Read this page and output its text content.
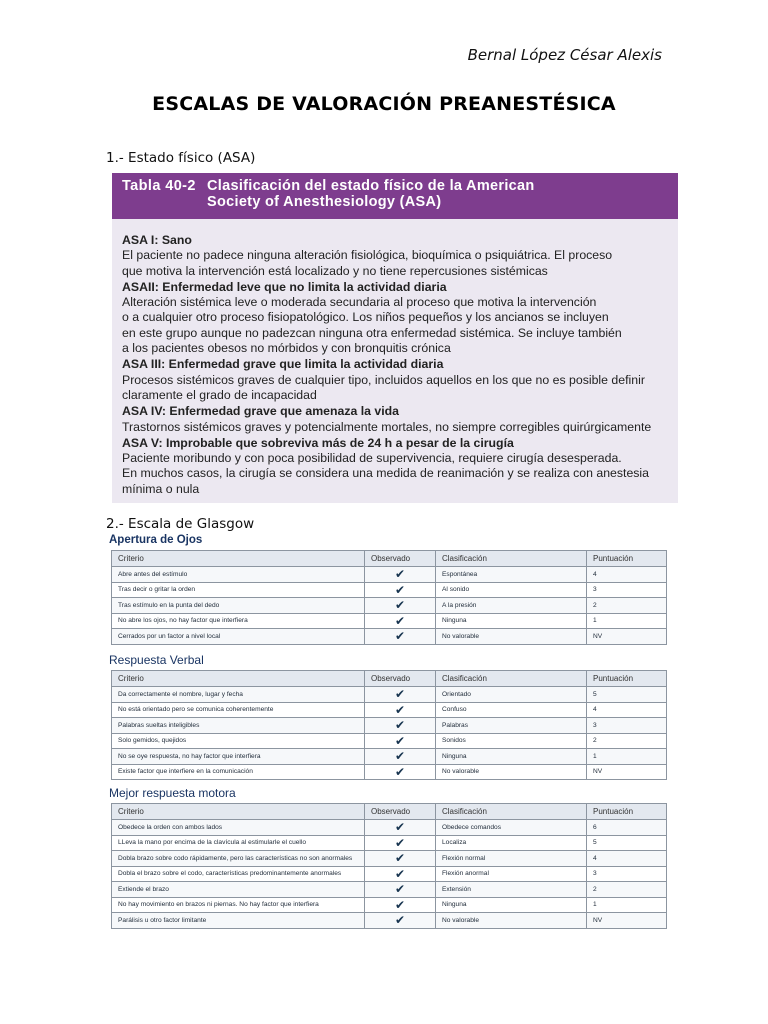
Bernal López César Alexis
ESCALAS DE VALORACIÓN PREANESTÉSICA
1.- Estado físico (ASA)
Tabla 40-2 Clasificación del estado físico de la American Society of Anesthesiology (ASA)
ASA I: Sano
El paciente no padece ninguna alteración fisiológica, bioquímica o psiquiátrica. El proceso
que motiva la intervención está localizado y no tiene repercusiones sistémicas
ASAII: Enfermedad leve que no limita la actividad diaria
Alteración sistémica leve o moderada secundaria al proceso que motiva la intervención
o a cualquier otro proceso fisiopatológico. Los niños pequeños y los ancianos se incluyen
en este grupo aunque no padezcan ninguna otra enfermedad sistémica. Se incluye también
a los pacientes obesos no mórbidos y con bronquitis crónica
ASA III: Enfermedad grave que limita la actividad diaria
Procesos sistémicos graves de cualquier tipo, incluidos aquellos en los que no es posible definir
claramente el grado de incapacidad
ASA IV: Enfermedad grave que amenaza la vida
Trastornos sistémicos graves y potencialmente mortales, no siempre corregibles quirúrgicamente
ASA V: Improbable que sobreviva más de 24 h a pesar de la cirugía
Paciente moribundo y con poca posibilidad de supervivencia, requiere cirugía desesperada.
En muchos casos, la cirugía se considera una medida de reanimación y se realiza con anestesia
mínima o nula
2.- Escala de Glasgow
Apertura de Ojos
Criterio	Observado	Clasificación	Puntuación
Abre antes del estímulo	✔	Espontánea	4
Tras decir o gritar la orden	✔	Al sonido	3
Tras estímulo en la punta del dedo	✔	A la presión	2
No abre los ojos, no hay factor que interfiera	✔	Ninguna	1
Cerrados por un factor a nivel local	✔	No valorable	NV
Respuesta Verbal
Criterio	Observado	Clasificación	Puntuación
Da correctamente el nombre, lugar y fecha	✔	Orientado	5
No está orientado pero se comunica coherentemente	✔	Confuso	4
Palabras sueltas inteligibles	✔	Palabras	3
Solo gemidos, quejidos	✔	Sonidos	2
No se oye respuesta, no hay factor que interfiera	✔	Ninguna	1
Existe factor que interfiere en la comunicación	✔	No valorable	NV
Mejor respuesta motora
Criterio	Observado	Clasificación	Puntuación
Obedece la orden con ambos lados	✔	Obedece comandos	6
LLeva la mano por encima de la clavícula al estimularle el cuello	✔	Localiza	5
Dobla brazo sobre codo rápidamente, pero las características no son anormales	✔	Flexión normal	4
Dobla el brazo sobre el codo, características predominantemente anormales	✔	Flexión anormal	3
Extiende el brazo	✔	Extensión	2
No hay movimiento en brazos ni piernas. No hay factor que interfiera	✔	Ninguna	1
Parálisis u otro factor limitante	✔	No valorable	NV
